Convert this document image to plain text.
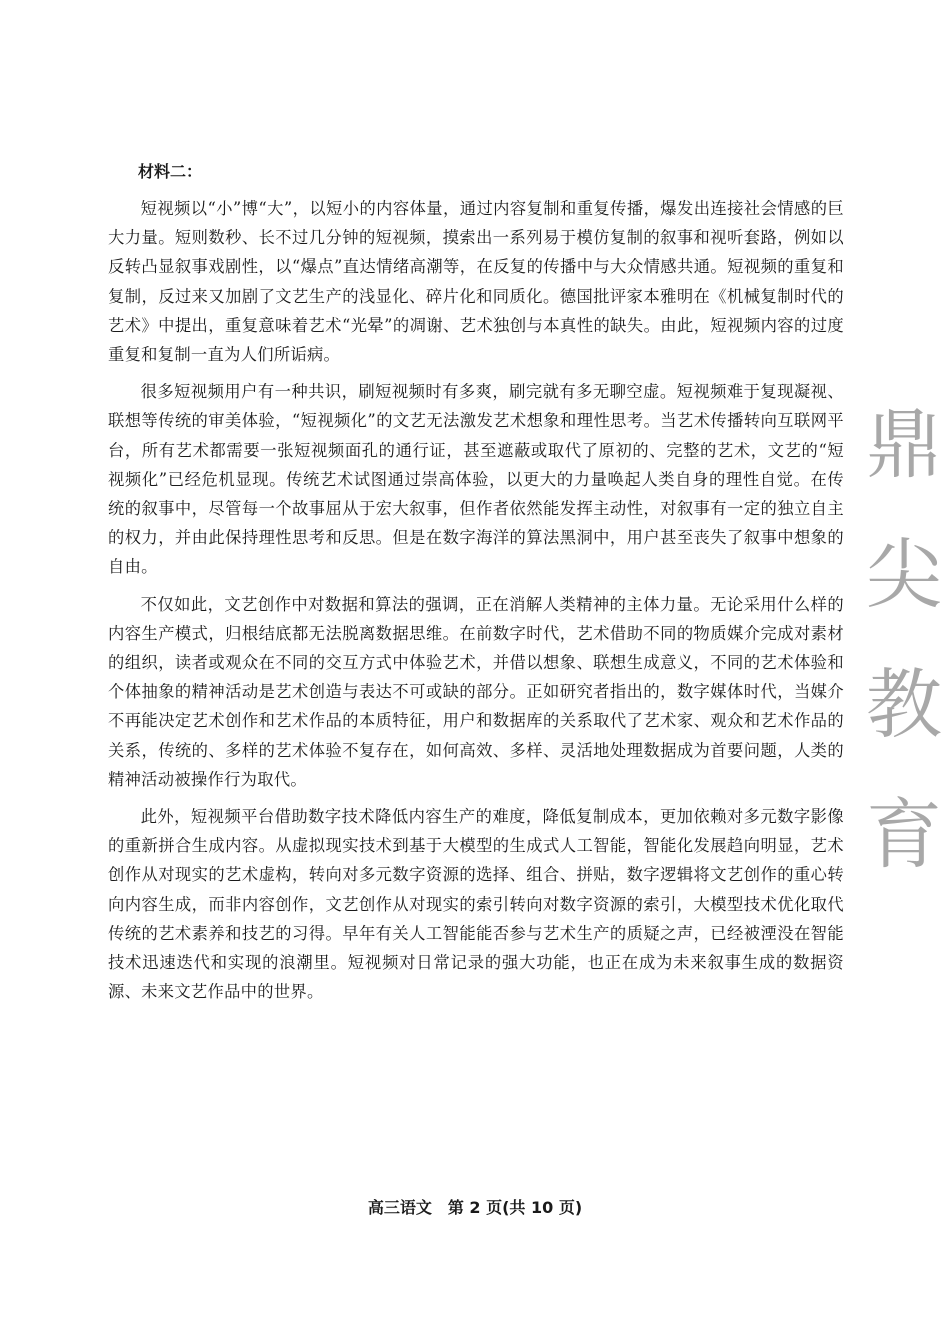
材料二：

短视频以“小”博“大”，以短小的内容体量，通过内容复制和重复传播，爆发出连接社会情感的巨大力量。短则数秒、长不过几分钟的短视频，摸索出一系列易于模仿复制的叙事和视听套路，例如以反转凸显叙事戏剧性，以“爆点”直达情绪高潮等，在反复的传播中与大众情感共通。短视频的重复和复制，反过来又加剧了文艺生产的浅显化、碎片化和同质化。德国批评家本雅明在《机械复制时代的艺术》中提出，重复意味着艺术“光晕”的凋谢、艺术独创与本真性的缺失。由此，短视频内容的过度重复和复制一直为人们所诟病。

很多短视频用户有一种共识，刷短视频时有多爽，刷完就有多无聊空虚。短视频难于复现凝视、联想等传统的审美体验，“短视频化”的文艺无法激发艺术想象和理性思考。当艺术传播转向互联网平台，所有艺术都需要一张短视频面孔的通行证，甚至遮蔽或取代了原初的、完整的艺术，文艺的“短视频化”已经危机显现。传统艺术试图通过崇高体验，以更大的力量唤起人类自身的理性自觉。在传统的叙事中，尽管每一个故事屈从于宏大叙事，但作者依然能发挥主动性，对叙事有一定的独立自主的权力，并由此保持理性思考和反思。但是在数字海洋的算法黑洞中，用户甚至丧失了叙事中想象的自由。

不仅如此，文艺创作中对数据和算法的强调，正在消解人类精神的主体力量。无论采用什么样的内容生产模式，归根结底都无法脱离数据思维。在前数字时代，艺术借助不同的物质媒介完成对素材的组织，读者或观众在不同的交互方式中体验艺术，并借以想象、联想生成意义，不同的艺术体验和个体抽象的精神活动是艺术创造与表达不可或缺的部分。正如研究者指出的，数字媒体时代，当媒介不再能决定艺术创作和艺术作品的本质特征，用户和数据库的关系取代了艺术家、观众和艺术作品的关系，传统的、多样的艺术体验不复存在，如何高效、多样、灵活地处理数据成为首要问题，人类的精神活动被操作行为取代。

此外，短视频平台借助数字技术降低内容生产的难度，降低复制成本，更加依赖对多元数字影像的重新拼合生成内容。从虚拟现实技术到基于大模型的生成式人工智能，智能化发展趋向明显，艺术创作从对现实的艺术虚构，转向对多元数字资源的选择、组合、拼贴，数字逻辑将文艺创作的重心转向内容生成，而非内容创作，文艺创作从对现实的索引转向对数字资源的索引，大模型技术优化取代传统的艺术素养和技艺的习得。早年有关人工智能能否参与艺术生产的质疑之声，已经被湮没在智能技术迅速迭代和实现的浪潮里。短视频对日常记录的强大功能，也正在成为未来叙事生成的数据资源、未来文艺作品中的世界。

鼎
尖
教
育
高三语文　第 2 页(共 10 页)
